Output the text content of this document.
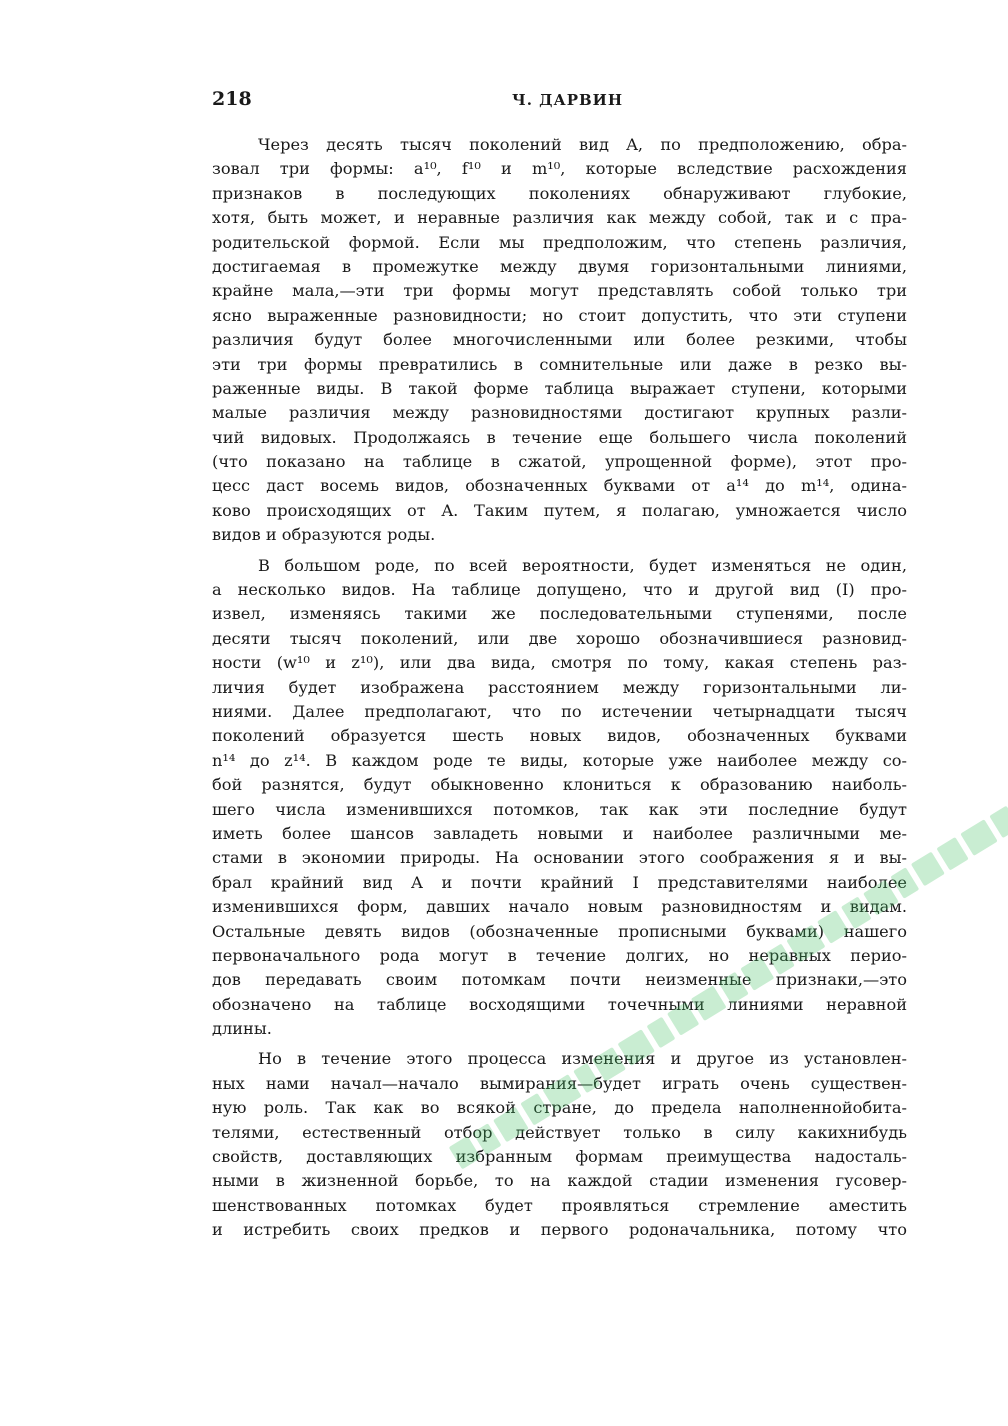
218	Ч. ДАРВИН
Через десять тысяч поколений вид A, по предположению, обра-
зовал три формы: a¹⁰, f¹⁰ и m¹⁰, которые вследствие расхождения
признаков в последующих поколениях обнаруживают глубокие,
хотя, быть может, и неравные различия как между собой, так и с пра-
родительской формой. Если мы предположим, что степень различия,
достигаемая в промежутке между двумя горизонтальными линиями,
крайне мала,—эти три формы могут представлять собой только три
ясно выраженные разновидности; но стоит допустить, что эти ступени
различия будут более многочисленными или более резкими, чтобы
эти три формы превратились в сомнительные или даже в резко вы-
раженные виды. В такой форме таблица выражает ступени, которыми
малые различия между разновидностями достигают крупных разли-
чий видовых. Продолжаясь в течение еще большего числа поколений
(что показано на таблице в сжатой, упрощенной форме), этот про-
цесс даст восемь видов, обозначенных буквами от a¹⁴ до m¹⁴, одина-
ково происходящих от A. Таким путем, я полагаю, умножается число
видов и образуются роды.
В большом роде, по всей вероятности, будет изменяться не один,
а несколько видов. На таблице допущено, что и другой вид (I) про-
извел, изменяясь такими же последовательными ступенями, после
десяти тысяч поколений, или две хорошо обозначившиеся разновид-
ности (w¹⁰ и z¹⁰), или два вида, смотря по тому, какая степень раз-
личия будет изображена расстоянием между горизонтальными ли-
ниями. Далее предполагают, что по истечении четырнадцати тысяч
поколений образуется шесть новых видов, обозначенных буквами
n¹⁴ до z¹⁴. В каждом роде те виды, которые уже наиболее между со-
бой разнятся, будут обыкновенно клониться к образованию наиболь-
шего числа изменившихся потомков, так как эти последние будут
иметь более шансов завладеть новыми и наиболее различными ме-
стами в экономии природы. На основании этого соображения я и вы-
брал крайний вид A и почти крайний I представителями наиболее
изменившихся форм, давших начало новым разновидностям и видам.
Остальные девять видов (обозначенные прописными буквами) нашего
первоначального рода могут в течение долгих, но неравных перио-
дов передавать своим потомкам почти неизменные признаки,—это
обозначено на таблице восходящими точечными линиями неравной
длины.
Но в течение этого процесса изменения и другое из установлен-
ных нами начал—начало вымирания—будет играть очень существен-
ную роль. Так как во всякой стране, до предела наполненнойобита-
телями, естественный отбор действует только в силу какихнибудь
свойств, доставляющих избранным формам преимущества надосталь-
ными в жизненной борьбе, то на каждой стадии изменения гусовер-
шенствованных потомках будет проявляться стремление аместить
и истребить своих предков и первого родоначальника, потому что
